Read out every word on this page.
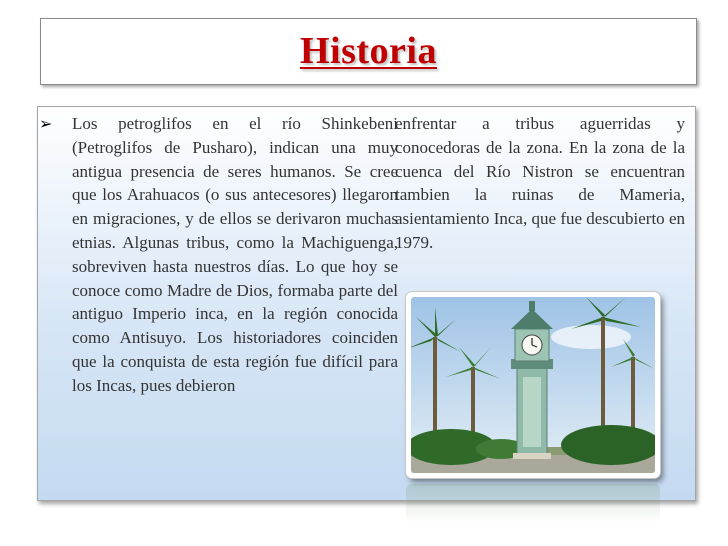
Historia
➢ Los petroglifos en el río Shinkebeni (Petroglifos de Pusharo), indican una muy antigua presencia de seres humanos. Se cree que los Arahuacos (o sus antecesores) llegaron en migraciones, y de ellos se derivaron muchas etnias. Algunas tribus, como la Machiguenga, sobreviven hasta nuestros días. Lo que hoy se conoce como Madre de Dios, formaba parte del antiguo Imperio inca, en la región conocida como Antisuyo. Los historiadores coinciden que la conquista de esta región fue difícil para los Incas, pues debieron
enfrentar a tribus aguerridas y conocedoras de la zona. En la zona de la cuenca del Río Nistron se encuentran tambien la ruinas de Mameria, asientamiento Inca, que fue descubierto en 1979.
